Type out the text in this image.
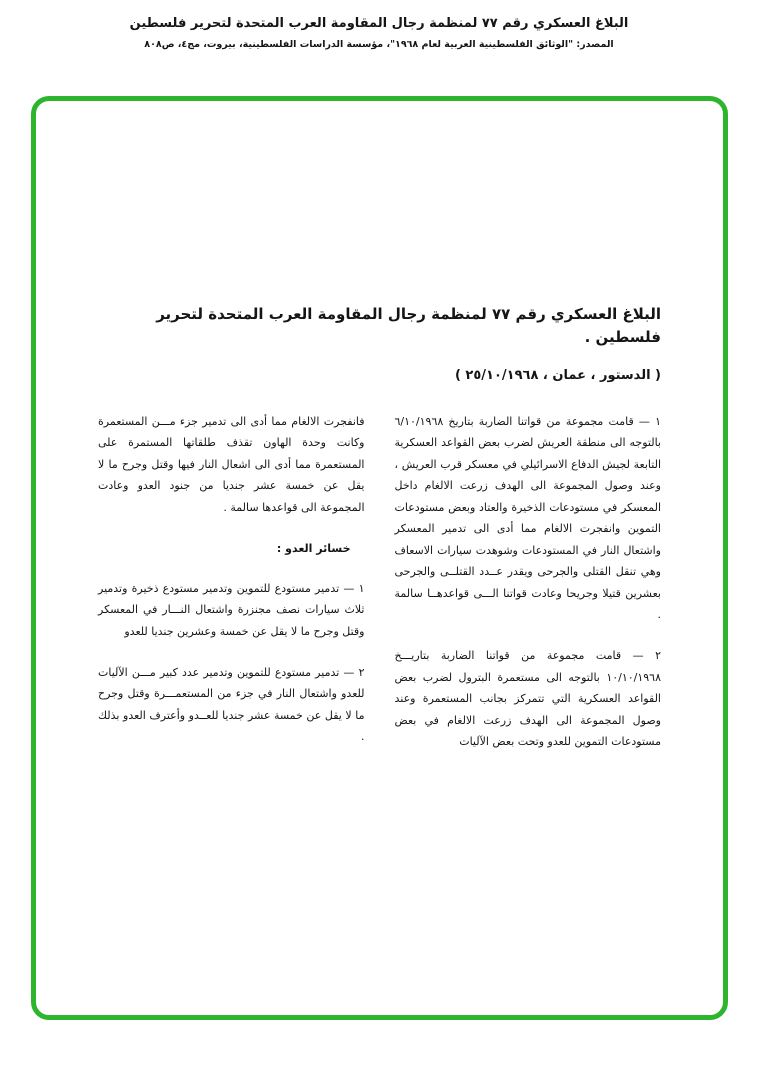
البلاغ العسكري رقم ٧٧ لمنظمة رجال المقاومة العرب المتحدة لتحرير فلسطين
المصدر: "الوثائق الفلسطينية العربية لعام ١٩٦٨"، مؤسسة الدراسات الفلسطينية، بيروت، مج٤، ص٨٠٨
البلاغ العسكري رقم ٧٧ لمنظمة رجال المقاومة العرب المتحدة لتحرير فلسطين .
( الدستور ، عمان ، ٢٥/١٠/١٩٦٨ )

١ — قامت مجموعة من قواتنا الضاربة بتاريخ ٦/١٠/١٩٦٨ بالتوجه الى منطقة العريش لضرب بعض القواعد العسكرية التابعة لجيش الدفاع الاسرائيلي في معسكر قرب العريش ، وعند وصول المجموعة الى الهدف زرعت الالغام داخل المعسكر في مستودعات الذخيرة والعتاد وبعض مستودعات التموين وانفجرت الالغام مما أدى الى تدمير المعسكر واشتعال النار في المستودعات وشوهدت سيارات الاسعاف وهي تنقل القتلى والجرحى ويقدر عــدد القتلــى والجرحى بعشرين قتيلا وجريحا وعادت قواتنا الـــى قواعدهــا سالمة .

٢ — قامت مجموعة من قواتنا الضاربة بتاريـــخ ١٠/١٠/١٩٦٨ بالتوجه الى مستعمرة البترول لضرب بعض القواعد العسكرية التي تتمركز بجانب المستعمرة وعند وصول المجموعة الى الهدف زرعت الالغام في بعض مستودعات التموين للعدو وتحت بعض الآليات

فانفجرت الالغام مما أدى الى تدمير جزء مـــن المستعمرة وكانت وحدة الهاون تقذف طلقاتها المستمرة على المستعمرة مما أدى الى اشعال النار فيها وقتل وجرح ما لا يقل عن خمسة عشر جنديا من جنود العدو وعادت المجموعة الى قواعدها سالمة .

خسائر العدو :

١ — تدمير مستودع للتموين وتدمير مستودع ذخيرة وتدمير ثلاث سيارات نصف مجنزرة واشتعال النـــار في المعسكر وقتل وجرح ما لا يقل عن خمسة وعشرين جنديا للعدو

٢ — تدمير مستودع للتموين وتدمير عدد كبير مـــن الآليات للعدو واشتعال النار في جزء من المستعمـــرة وقتل وجرح ما لا يقل عن خمسة عشر جنديا للعــدو وأعترف العدو بذلك .
